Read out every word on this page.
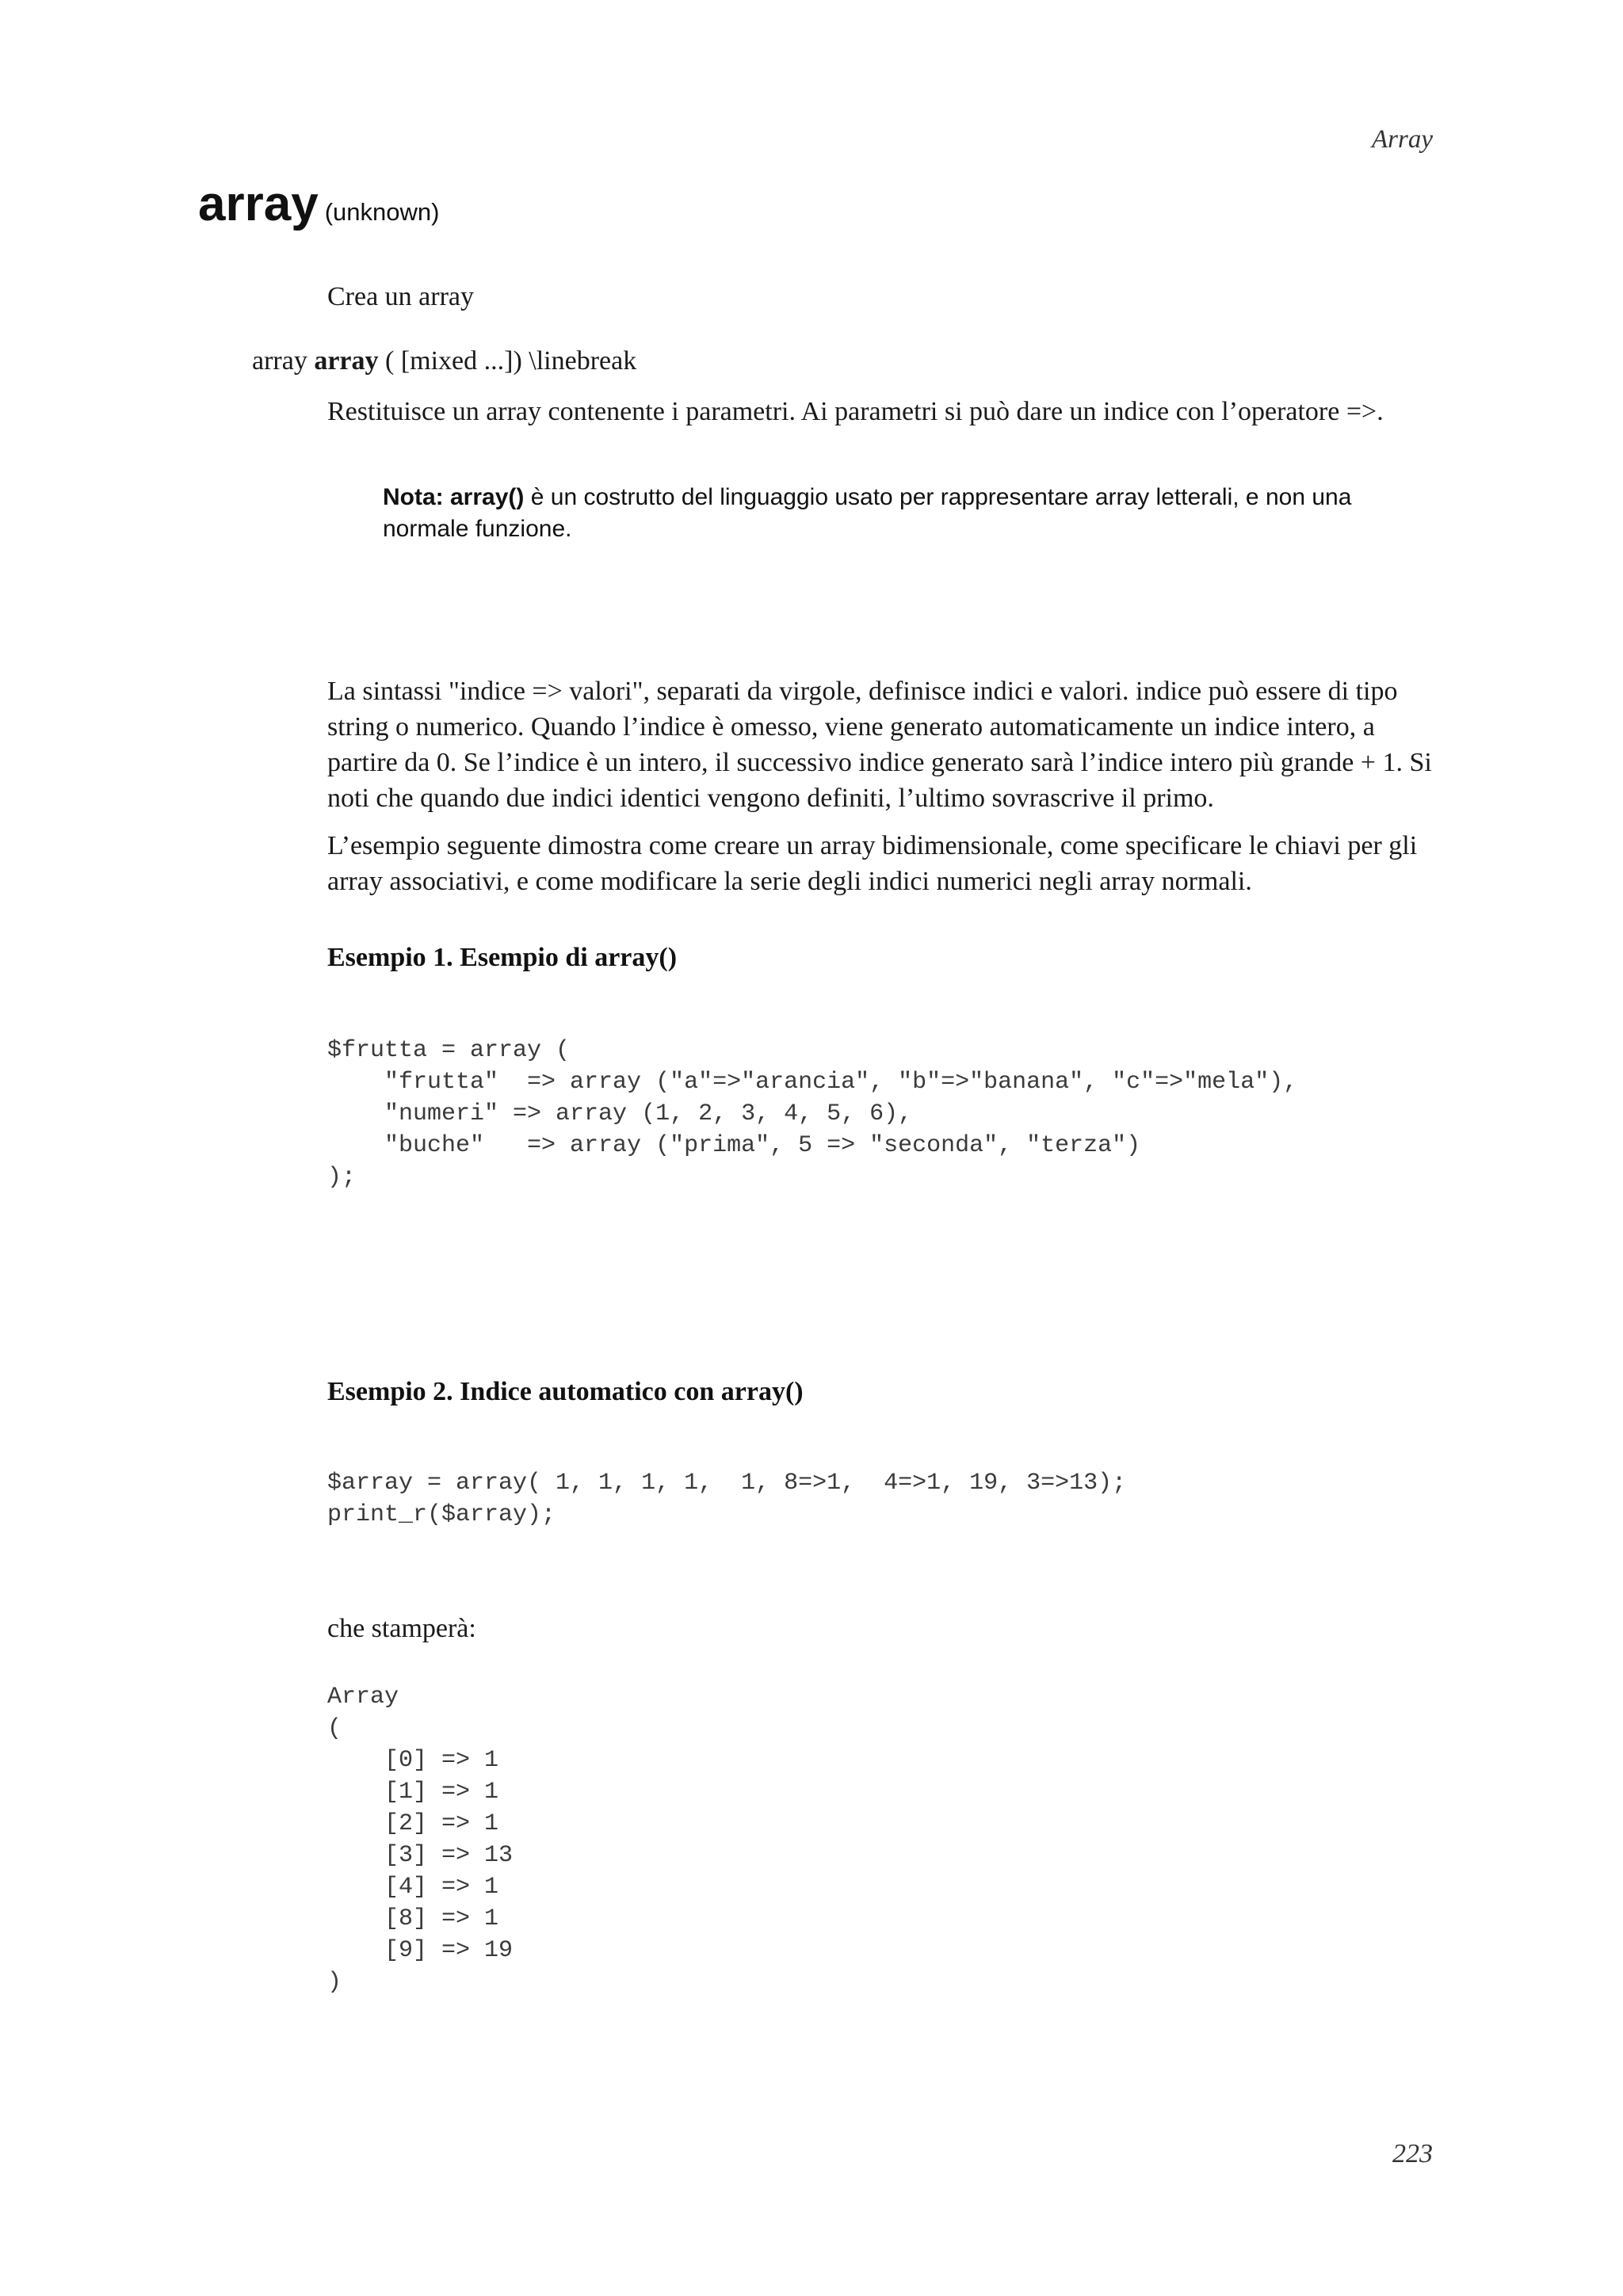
Array
array (unknown)
Crea un array
array array ( [mixed ...]) \linebreak
Restituisce un array contenente i parametri. Ai parametri si può dare un indice con l’operatore =>.
Nota: array() è un costrutto del linguaggio usato per rappresentare array letterali, e non una normale funzione.
La sintassi "indice => valori", separati da virgole, definisce indici e valori. indice può essere di tipo string o numerico. Quando l’indice è omesso, viene generato automaticamente un indice intero, a partire da 0. Se l’indice è un intero, il successivo indice generato sarà l’indice intero più grande + 1. Si noti che quando due indici identici vengono definiti, l’ultimo sovrascrive il primo.
L’esempio seguente dimostra come creare un array bidimensionale, come specificare le chiavi per gli array associativi, e come modificare la serie degli indici numerici negli array normali.
Esempio 1. Esempio di array()
$frutta = array (
"frutta"  => array ("a"=>"arancia", "b"=>"banana", "c"=>"mela"),
"numeri" => array (1, 2, 3, 4, 5, 6),
"buche"   => array ("prima", 5 => "seconda", "terza")
);
Esempio 2. Indice automatico con array()
$array = array( 1, 1, 1, 1,  1, 8=>1,  4=>1, 19, 3=>13);
print_r($array);
che stamperà:
Array
(
[0] => 1
[1] => 1
[2] => 1
[3] => 13
[4] => 1
[8] => 1
[9] => 19
)
223
